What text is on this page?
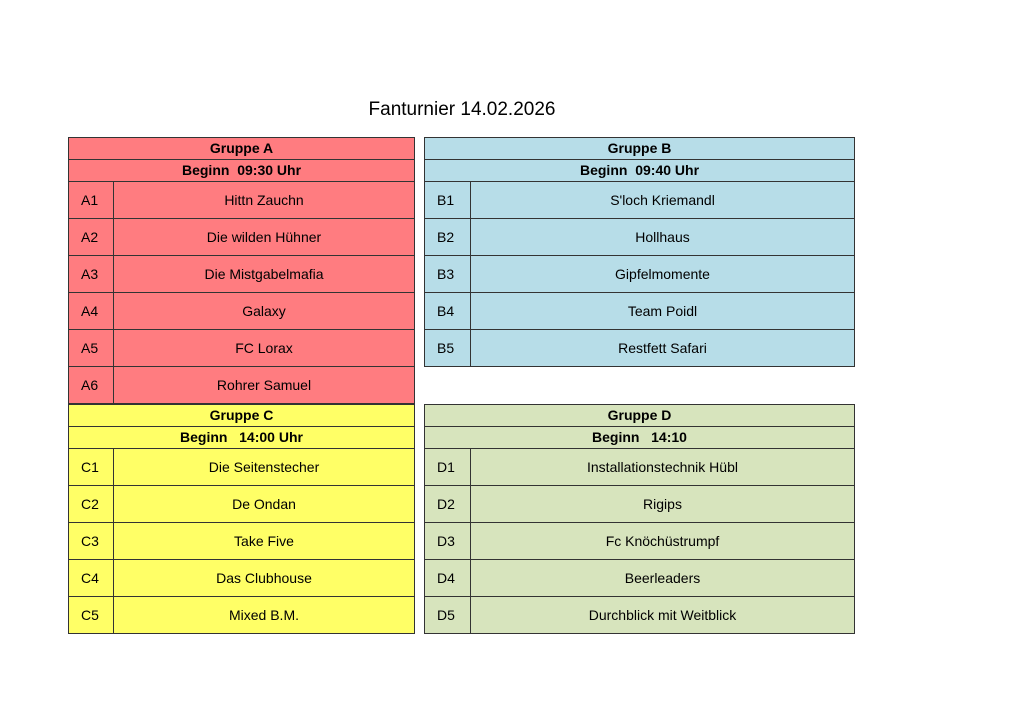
Fanturnier 14.02.2026
Gruppe A	
Beginn  09:30 Uhr	
A1	Hittn Zauchn
A2	Die wilden Hühner
A3	Die Mistgabelmafia
A4	Galaxy
A5	FC Lorax
A6	Rohrer Samuel
Gruppe B	
Beginn  09:40 Uhr	
B1	S'loch Kriemandl
B2	Hollhaus
B3	Gipfelmomente
B4	Team Poidl
B5	Restfett Safari
Gruppe C	
Beginn   14:00 Uhr	
C1	Die Seitenstecher
C2	De Ondan
C3	Take Five
C4	Das Clubhouse
C5	Mixed B.M.
Gruppe D	
Beginn   14:10	
D1	Installationstechnik Hübl
D2	Rigips
D3	Fc Knöchüstrumpf
D4	Beerleaders
D5	Durchblick mit Weitblick
